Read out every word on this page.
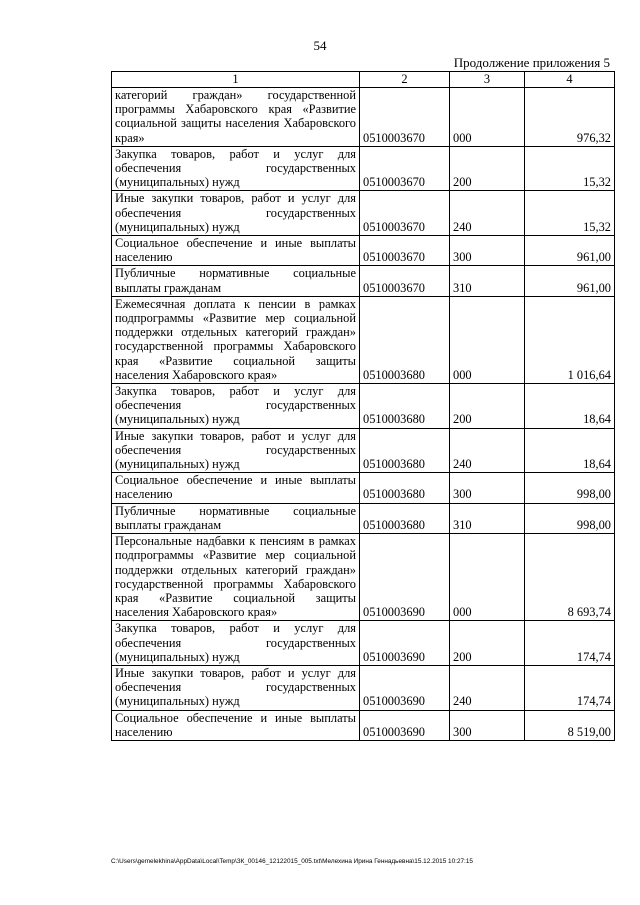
54
Продолжение приложения 5
1	2	3	4
категорий граждан» государственной программы Хабаровского края «Развитие социальной защиты населения Хабаровского края»	0510003670	000	976,32
Закупка товаров, работ и услуг для обеспечения государственных (муниципальных) нужд	0510003670	200	15,32
Иные закупки товаров, работ и услуг для обеспечения государственных (муниципальных) нужд	0510003670	240	15,32
Социальное обеспечение и иные выплаты населению	0510003670	300	961,00
Публичные нормативные социальные выплаты гражданам	0510003670	310	961,00
Ежемесячная доплата к пенсии в рамках подпрограммы «Развитие мер социальной поддержки отдельных категорий граждан» государственной программы Хабаровского края «Развитие социальной защиты населения Хабаровского края»	0510003680	000	1 016,64
Закупка товаров, работ и услуг для обеспечения государственных (муниципальных) нужд	0510003680	200	18,64
Иные закупки товаров, работ и услуг для обеспечения государственных (муниципальных) нужд	0510003680	240	18,64
Социальное обеспечение и иные выплаты населению	0510003680	300	998,00
Публичные нормативные социальные выплаты гражданам	0510003680	310	998,00
Персональные надбавки к пенсиям в рамках подпрограммы «Развитие мер социальной поддержки отдельных категорий граждан» государственной программы Хабаровского края «Развитие социальной защиты населения Хабаровского края»	0510003690	000	8 693,74
Закупка товаров, работ и услуг для обеспечения государственных (муниципальных) нужд	0510003690	200	174,74
Иные закупки товаров, работ и услуг для обеспечения государственных (муниципальных) нужд	0510003690	240	174,74
Социальное обеспечение и иные выплаты населению	0510003690	300	8 519,00
C:\Users\gemelekhina\AppData\Local\Temp\ЗК_00146_12122015_005.txt\Мелехина Ирина Геннадьевна\15.12.2015 10:27:15
